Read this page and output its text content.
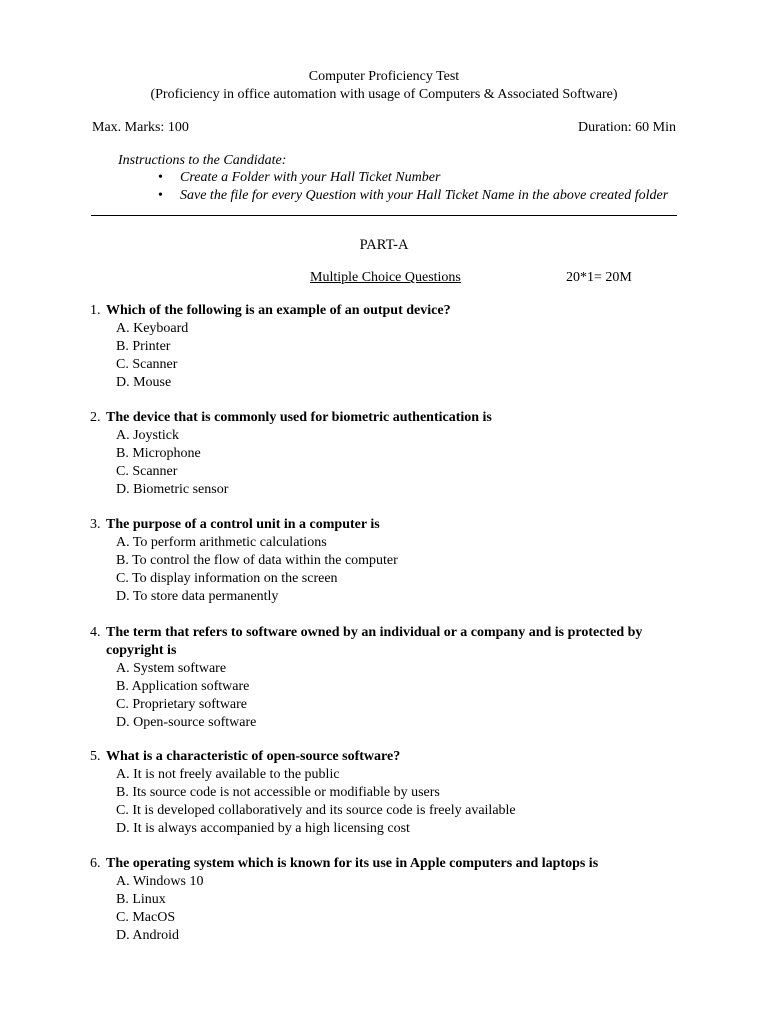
Computer Proficiency Test
(Proficiency in office automation with usage of Computers & Associated Software)
Max. Marks: 100	Duration: 60 Min
Instructions to the Candidate:
• Create a Folder with your Hall Ticket Number
• Save the file for every Question with your Hall Ticket Name in the above created folder
PART-A
Multiple Choice Questions	20*1= 20M
1. Which of the following is an example of an output device?
A. Keyboard
B. Printer
C. Scanner
D. Mouse
2. The device that is commonly used for biometric authentication is
A. Joystick
B. Microphone
C. Scanner
D. Biometric sensor
3. The purpose of a control unit in a computer is
A. To perform arithmetic calculations
B. To control the flow of data within the computer
C. To display information on the screen
D. To store data permanently
4. The term that refers to software owned by an individual or a company and is protected by copyright is
A. System software
B. Application software
C. Proprietary software
D. Open-source software
5. What is a characteristic of open-source software?
A. It is not freely available to the public
B. Its source code is not accessible or modifiable by users
C. It is developed collaboratively and its source code is freely available
D. It is always accompanied by a high licensing cost
6. The operating system which is known for its use in Apple computers and laptops is
A. Windows 10
B. Linux
C. MacOS
D. Android
